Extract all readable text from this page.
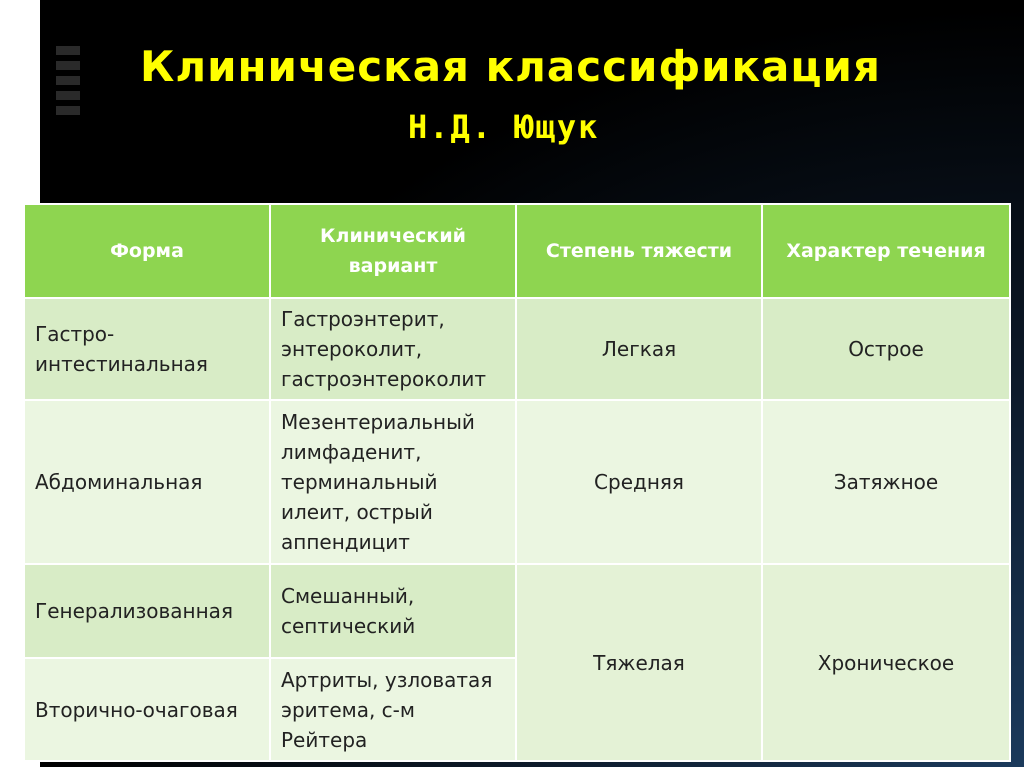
Клиническая классификация
Н.Д. Ющук
Форма	Клинический вариант	Степень тяжести	Характер течения
Гастро-интестинальная	Гастроэнтерит, энтероколит, гастроэнтероколит	Легкая	Острое
Абдоминальная	Мезентериальный лимфаденит, терминальный илеит, острый аппендицит	Средняя	Затяжное
Генерализованная	Смешанный, септический	Тяжелая	Хроническое
Вторично-очаговая	Артриты, узловатая эритема, с-м Рейтера		
